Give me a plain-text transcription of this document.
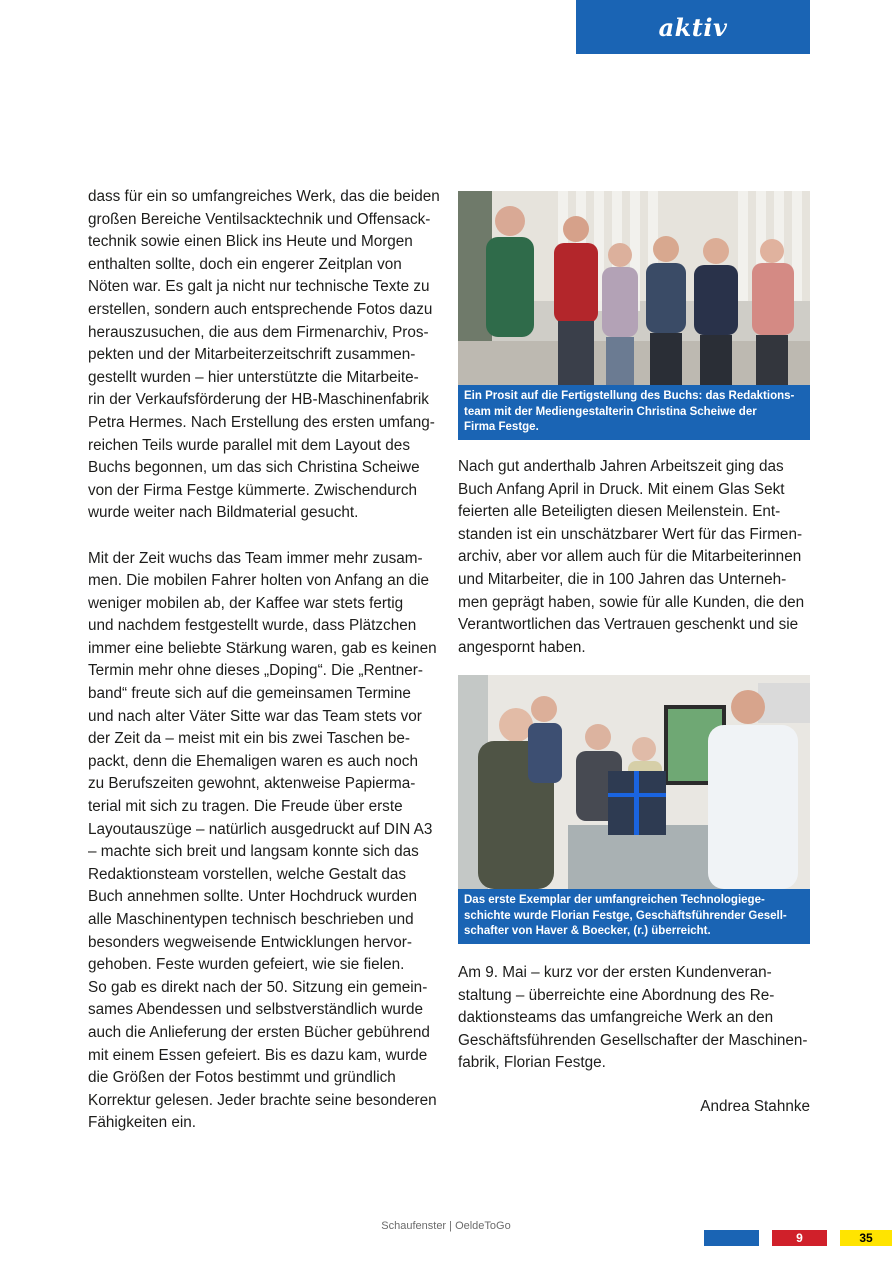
aktiv
dass für ein so umfangreiches Werk, das die beiden
großen Bereiche Ventilsacktechnik und Offensack-
technik sowie einen Blick ins Heute und Morgen
enthalten sollte, doch ein engerer Zeitplan von
Nöten war. Es galt ja nicht nur technische Texte zu
erstellen, sondern auch entsprechende Fotos dazu
herauszusuchen, die aus dem Firmenarchiv, Pros-
pekten und der Mitarbeiterzeitschrift zusammen-
gestellt wurden – hier unterstützte die Mitarbeite-
rin der Verkaufsförderung der HB-Maschinenfabrik
Petra Hermes. Nach Erstellung des ersten umfang-
reichen Teils wurde parallel mit dem Layout des
Buchs begonnen, um das sich Christina Scheiwe
von der Firma Festge kümmerte. Zwischendurch
wurde weiter nach Bildmaterial gesucht.
Mit der Zeit wuchs das Team immer mehr zusam-
men. Die mobilen Fahrer holten von Anfang an die
weniger mobilen ab, der Kaffee war stets fertig
und nachdem festgestellt wurde, dass Plätzchen
immer eine beliebte Stärkung waren, gab es keinen
Termin mehr ohne dieses „Doping“. Die „Rentner-
band“ freute sich auf die gemeinsamen Termine
und nach alter Väter Sitte war das Team stets vor
der Zeit da – meist mit ein bis zwei Taschen be-
packt, denn die Ehemaligen waren es auch noch
zu Berufszeiten gewohnt, aktenweise Papierma-
terial mit sich zu tragen. Die Freude über erste
Layoutauszüge – natürlich ausgedruckt auf DIN A3
– machte sich breit und langsam konnte sich das
Redaktionsteam vorstellen, welche Gestalt das
Buch annehmen sollte. Unter Hochdruck wurden
alle Maschinentypen technisch beschrieben und
besonders wegweisende Entwicklungen hervor-
gehoben. Feste wurden gefeiert, wie sie fielen.
So gab es direkt nach der 50. Sitzung ein gemein-
sames Abendessen und selbstverständlich wurde
auch die Anlieferung der ersten Bücher gebührend
mit einem Essen gefeiert. Bis es dazu kam, wurde
die Größen der Fotos bestimmt und gründlich
Korrektur gelesen. Jeder brachte seine besonderen
Fähigkeiten ein.
Ein Prosit auf die Fertigstellung des Buchs: das Redaktions-
team mit der Mediengestalterin Christina Scheiwe der
Firma Festge.
Nach gut anderthalb Jahren Arbeitszeit ging das
Buch Anfang April in Druck. Mit einem Glas Sekt
feierten alle Beteiligten diesen Meilenstein. Ent-
standen ist ein unschätzbarer Wert für das Firmen-
archiv, aber vor allem auch für die Mitarbeiterinnen
und Mitarbeiter, die in 100 Jahren das Unterneh-
men geprägt haben, sowie für alle Kunden, die den
Verantwortlichen das Vertrauen geschenkt und sie
angespornt haben.
Das erste Exemplar der umfangreichen Technologiege-
schichte wurde Florian Festge, Geschäftsführender Gesell-
schafter von Haver & Boecker, (r.) überreicht.
Am 9. Mai – kurz vor der ersten Kundenveran-
staltung – überreichte eine Abordnung des Re-
daktionsteams das umfangreiche Werk an den
Geschäftsführenden Gesellschafter der Maschinen-
fabrik, Florian Festge.
Andrea Stahnke
Schaufenster | OeldeToGo
9	35
